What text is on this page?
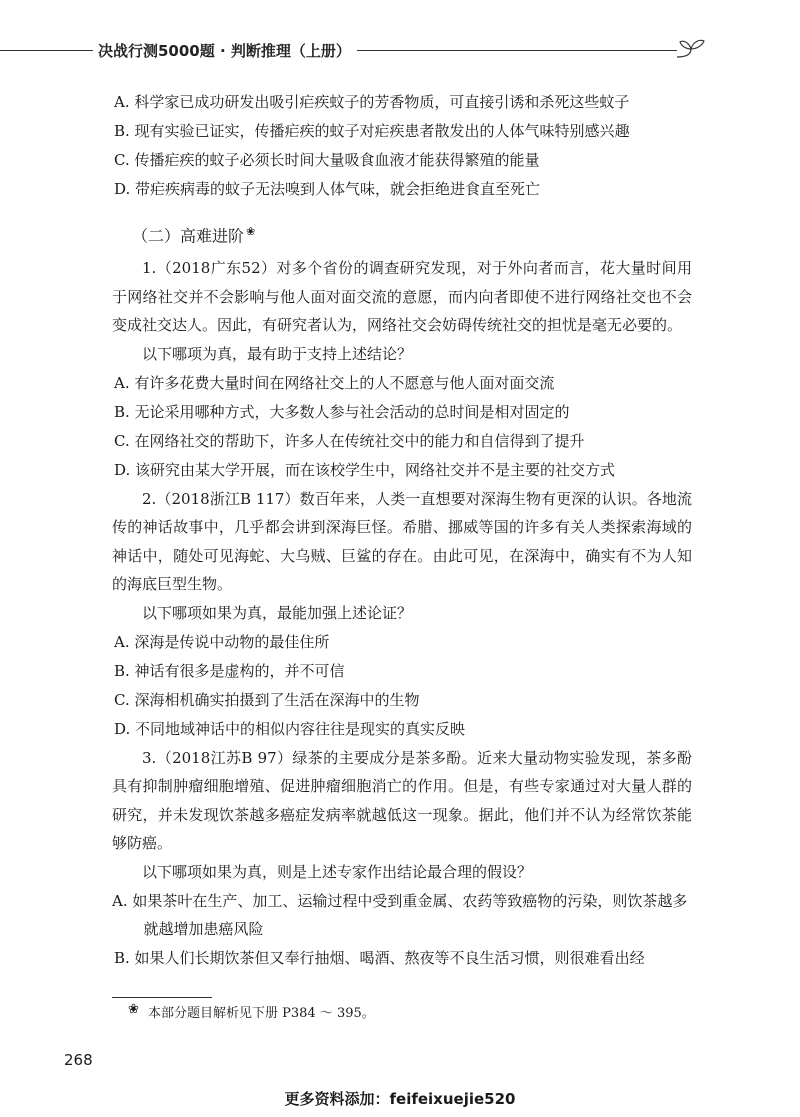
决战行测5000题 · 判断推理（上册）
A. 科学家已成功研发出吸引疟疾蚊子的芳香物质，可直接引诱和杀死这些蚊子
B. 现有实验已证实，传播疟疾的蚊子对疟疾患者散发出的人体气味特别感兴趣
C. 传播疟疾的蚊子必须长时间大量吸食血液才能获得繁殖的能量
D. 带疟疾病毒的蚊子无法嗅到人体气味，就会拒绝进食直至死亡
（二）高难进阶 ❀

1.（2018广东52）对多个省份的调查研究发现，对于外向者而言，花大量时间用于网络社交并不会影响与他人面对面交流的意愿，而内向者即使不进行网络社交也不会变成社交达人。因此，有研究者认为，网络社交会妨碍传统社交的担忧是毫无必要的。

以下哪项为真，最有助于支持上述结论？
A. 有许多花费大量时间在网络社交上的人不愿意与他人面对面交流
B. 无论采用哪种方式，大多数人参与社会活动的总时间是相对固定的
C. 在网络社交的帮助下，许多人在传统社交中的能力和自信得到了提升
D. 该研究由某大学开展，而在该校学生中，网络社交并不是主要的社交方式

2.（2018浙江B 117）数百年来，人类一直想要对深海生物有更深的认识。各地流传的神话故事中，几乎都会讲到深海巨怪。希腊、挪威等国的许多有关人类探索海域的神话中，随处可见海蛇、大乌贼、巨鲨的存在。由此可见，在深海中，确实有不为人知的海底巨型生物。

以下哪项如果为真，最能加强上述论证？
A. 深海是传说中动物的最佳住所
B. 神话有很多是虚构的，并不可信
C. 深海相机确实拍摄到了生活在深海中的生物
D. 不同地域神话中的相似内容往往是现实的真实反映

3.（2018江苏B 97）绿茶的主要成分是茶多酚。近来大量动物实验发现，茶多酚具有抑制肿瘤细胞增殖、促进肿瘤细胞消亡的作用。但是，有些专家通过对大量人群的研究，并未发现饮茶越多癌症发病率就越低这一现象。据此，他们并不认为经常饮茶能够防癌。

以下哪项如果为真，则是上述专家作出结论最合理的假设？

A. 如果茶叶在生产、加工、运输过程中受到重金属、农药等致癌物的污染，则饮茶越多就越增加患癌风险

B. 如果人们长期饮茶但又奉行抽烟、喝酒、熬夜等不良生活习惯，则很难看出经
❀ 本部分题目解析见下册 P384 ～ 395。
268
更多资料添加：feifeixuejie520
